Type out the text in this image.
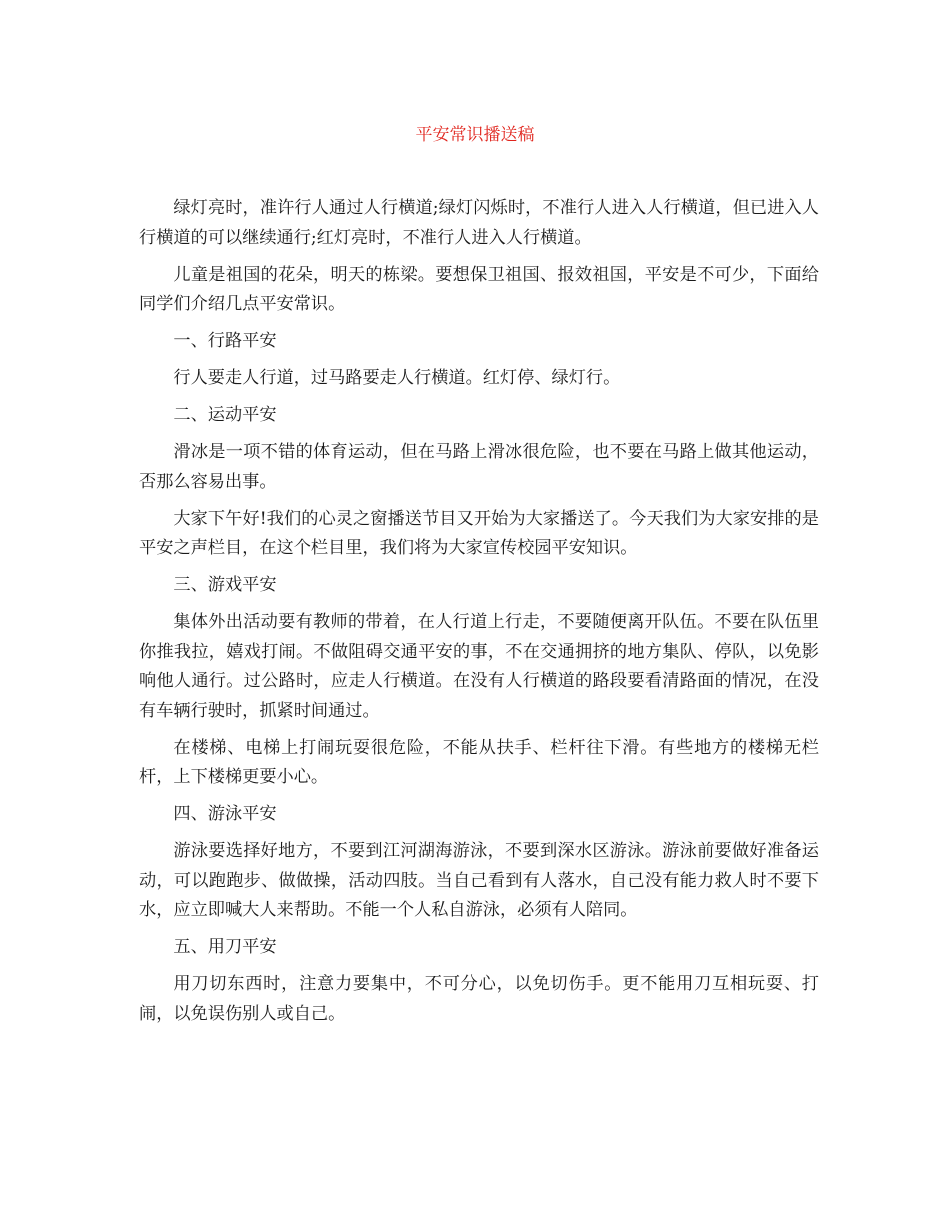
平安常识播送稿

绿灯亮时，准许行人通过人行横道;绿灯闪烁时，不准行人进入人行横道，但已进入人行横道的可以继续通行;红灯亮时，不准行人进入人行横道。

儿童是祖国的花朵，明天的栋梁。要想保卫祖国、报效祖国，平安是不可少，下面给同学们介绍几点平安常识。

一、行路平安

行人要走人行道，过马路要走人行横道。红灯停、绿灯行。

二、运动平安

滑冰是一项不错的体育运动，但在马路上滑冰很危险，也不要在马路上做其他运动，否那么容易出事。

大家下午好!我们的心灵之窗播送节目又开始为大家播送了。今天我们为大家安排的是平安之声栏目，在这个栏目里，我们将为大家宣传校园平安知识。

三、游戏平安

集体外出活动要有教师的带着，在人行道上行走，不要随便离开队伍。不要在队伍里你推我拉，嬉戏打闹。不做阻碍交通平安的事，不在交通拥挤的地方集队、停队，以免影响他人通行。过公路时，应走人行横道。在没有人行横道的路段要看清路面的情况，在没有车辆行驶时，抓紧时间通过。

在楼梯、电梯上打闹玩耍很危险，不能从扶手、栏杆往下滑。有些地方的楼梯无栏杆，上下楼梯更要小心。

四、游泳平安

游泳要选择好地方，不要到江河湖海游泳，不要到深水区游泳。游泳前要做好准备运动，可以跑跑步、做做操，活动四肢。当自己看到有人落水，自己没有能力救人时不要下水，应立即喊大人来帮助。不能一个人私自游泳，必须有人陪同。

五、用刀平安

用刀切东西时，注意力要集中，不可分心，以免切伤手。更不能用刀互相玩耍、打闹，以免误伤别人或自己。
